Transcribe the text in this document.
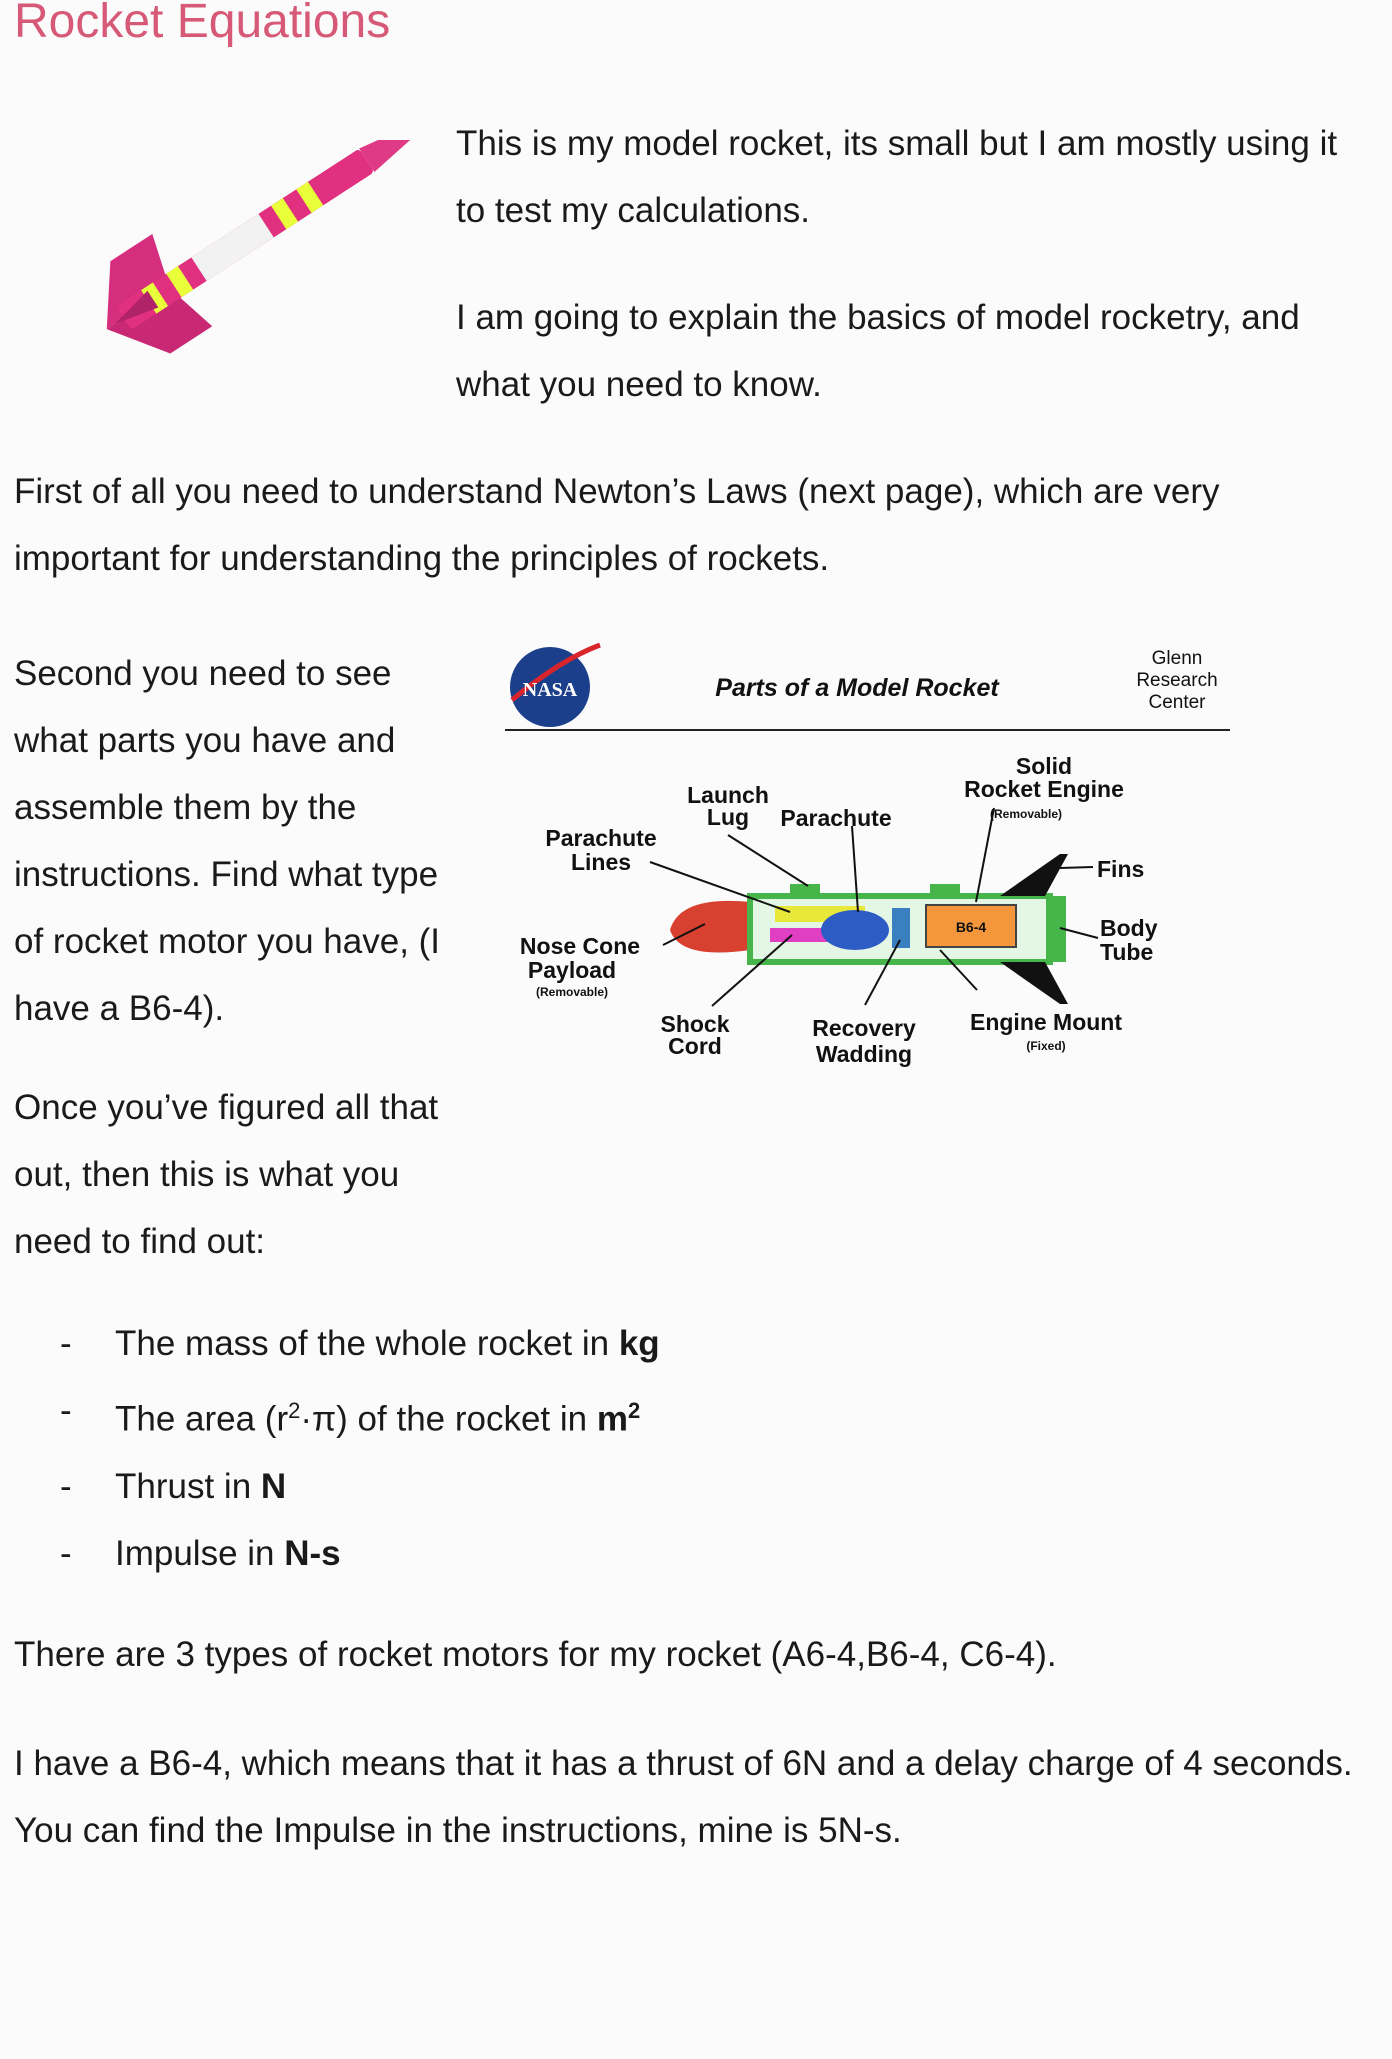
Rocket Equations
This is my model rocket, its small but I am mostly using it to test my calculations.
I am going to explain the basics of model rocketry, and what you need to know.
First of all you need to understand Newton’s Laws (next page), which are very important for understanding the principles of rockets.
Second you need to see what parts you have and assemble them by the instructions. Find what type of rocket motor you have, (I have a B6-4).
Once you’ve figured all that out, then this is what you need to find out:
NASA	Parts of a Model Rocket
Glenn
Research
Center
B6-4
Launch
Lug Parachute
Solid
Rocket Engine
(Removable)
Parachute
Lines	Fins
Body
Tube
Nose Cone
Payload
(Removable)
Shock
Cord
Recovery
Wadding
Engine Mount
(Fixed)
- The mass of the whole rocket in kg
- The area $(r^2\cdot\pi)$ of the rocket in $m^2$
- Thrust in N
- Impulse in N-s
There are 3 types of rocket motors for my rocket (A6-4,B6-4, C6-4).
I have a B6-4, which means that it has a thrust of 6N and a delay charge of 4 seconds. You can find the Impulse in the instructions, mine is 5N-s.
